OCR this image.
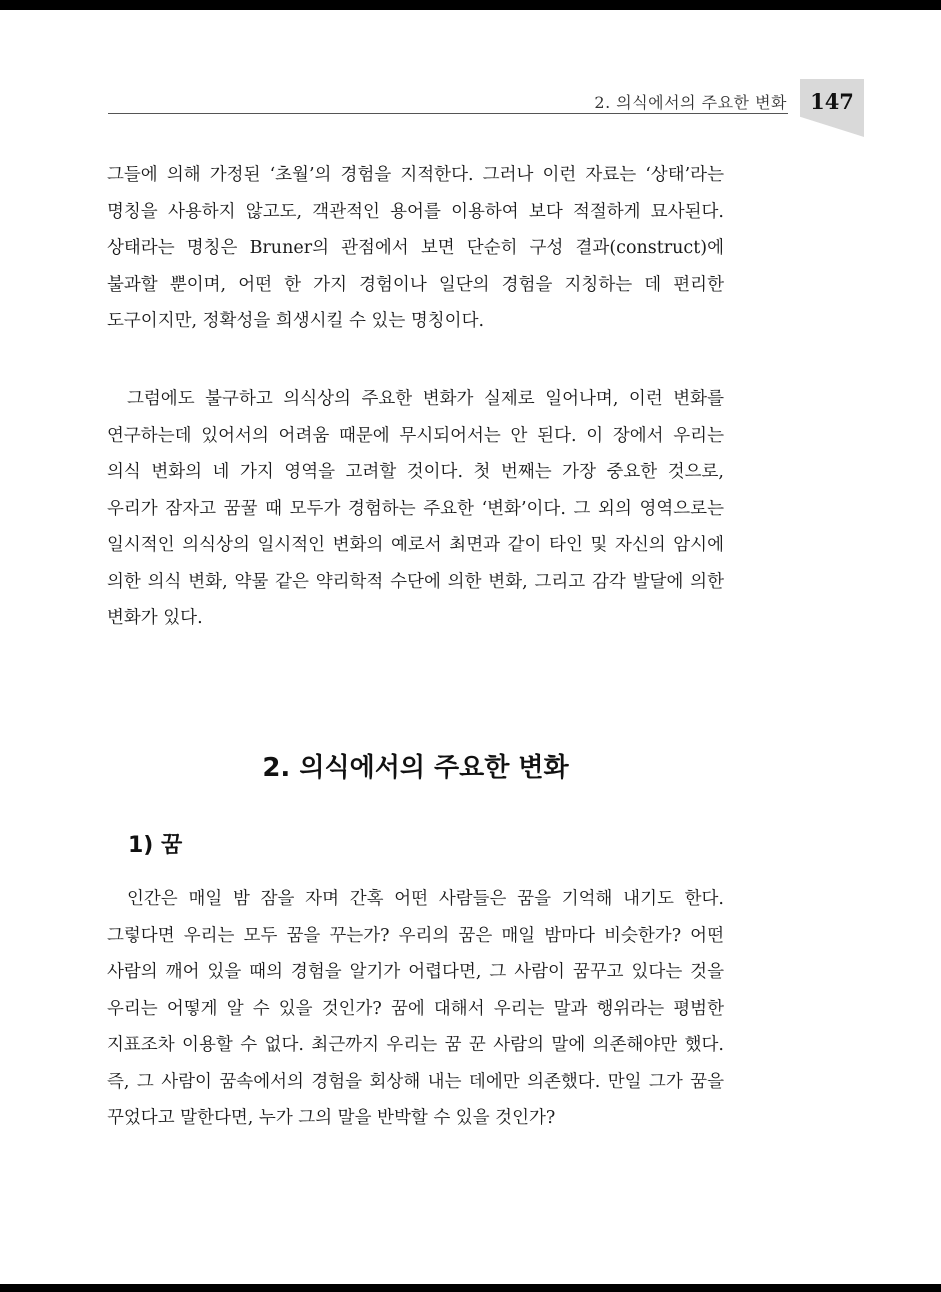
2. 의식에서의 주요한 변화	147

그들에 의해 가정된 ‘초월’의 경험을 지적한다. 그러나 이런 자료는 ‘상태’라는 명칭을 사용하지 않고도, 객관적인 용어를 이용하여 보다 적절하게 묘사된다. 상태라는 명칭은 Bruner의 관점에서 보면 단순히 구성 결과(construct)에 불과할 뿐이며, 어떤 한 가지 경험이나 일단의 경험을 지칭하는 데 편리한 도구이지만, 정확성을 희생시킬 수 있는 명칭이다.

그럼에도 불구하고 의식상의 주요한 변화가 실제로 일어나며, 이런 변화를 연구하는데 있어서의 어려움 때문에 무시되어서는 안 된다. 이 장에서 우리는 의식 변화의 네 가지 영역을 고려할 것이다. 첫 번째는 가장 중요한 것으로, 우리가 잠자고 꿈꿀 때 모두가 경험하는 주요한 ‘변화’이다. 그 외의 영역으로는 일시적인 의식상의 일시적인 변화의 예로서 최면과 같이 타인 및 자신의 암시에 의한 의식 변화, 약물 같은 약리학적 수단에 의한 변화, 그리고 감각 발달에 의한 변화가 있다.

2. 의식에서의 주요한 변화
1) 꿈

인간은 매일 밤 잠을 자며 간혹 어떤 사람들은 꿈을 기억해 내기도 한다. 그렇다면 우리는 모두 꿈을 꾸는가? 우리의 꿈은 매일 밤마다 비슷한가? 어떤 사람의 깨어 있을 때의 경험을 알기가 어렵다면, 그 사람이 꿈꾸고 있다는 것을 우리는 어떻게 알 수 있을 것인가? 꿈에 대해서 우리는 말과 행위라는 평범한 지표조차 이용할 수 없다. 최근까지 우리는 꿈 꾼 사람의 말에 의존해야만 했다. 즉, 그 사람이 꿈속에서의 경험을 회상해 내는 데에만 의존했다. 만일 그가 꿈을 꾸었다고 말한다면, 누가 그의 말을 반박할 수 있을 것인가?
